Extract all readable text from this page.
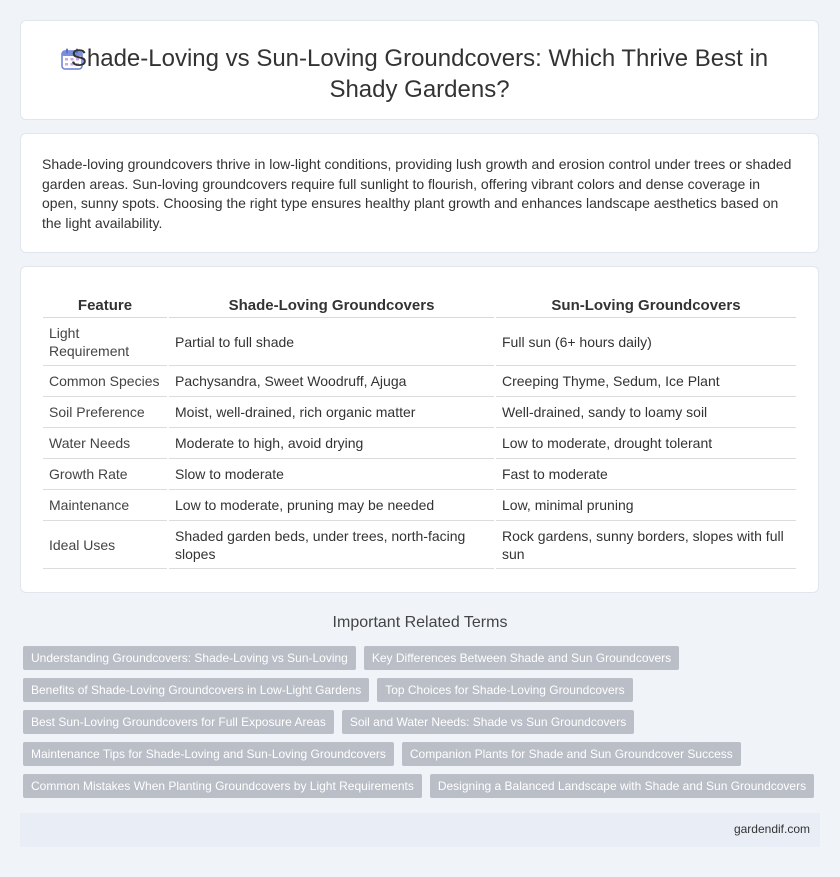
Shade-Loving vs Sun-Loving Groundcovers: Which Thrive Best in Shady Gardens?

Shade-loving groundcovers thrive in low-light conditions, providing lush growth and erosion control under trees or shaded garden areas. Sun-loving groundcovers require full sunlight to flourish, offering vibrant colors and dense coverage in open, sunny spots. Choosing the right type ensures healthy plant growth and enhances landscape aesthetics based on the light availability.

Feature	Shade-Loving Groundcovers	Sun-Loving Groundcovers
Light Requirement	Partial to full shade	Full sun (6+ hours daily)
Common Species	Pachysandra, Sweet Woodruff, Ajuga	Creeping Thyme, Sedum, Ice Plant
Soil Preference	Moist, well-drained, rich organic matter	Well-drained, sandy to loamy soil
Water Needs	Moderate to high, avoid drying	Low to moderate, drought tolerant
Growth Rate	Slow to moderate	Fast to moderate
Maintenance	Low to moderate, pruning may be needed	Low, minimal pruning
Ideal Uses	Shaded garden beds, under trees, north-facing slopes	Rock gardens, sunny borders, slopes with full sun
Important Related Terms
Understanding Groundcovers: Shade-Loving vs Sun-Loving	Key Differences Between Shade and Sun Groundcovers
Benefits of Shade-Loving Groundcovers in Low-Light Gardens	Top Choices for Shade-Loving Groundcovers
Best Sun-Loving Groundcovers for Full Exposure Areas	Soil and Water Needs: Shade vs Sun Groundcovers
Maintenance Tips for Shade-Loving and Sun-Loving Groundcovers	Companion Plants for Shade and Sun Groundcover Success
Common Mistakes When Planting Groundcovers by Light Requirements	Designing a Balanced Landscape with Shade and Sun Groundcovers
gardendif.com
